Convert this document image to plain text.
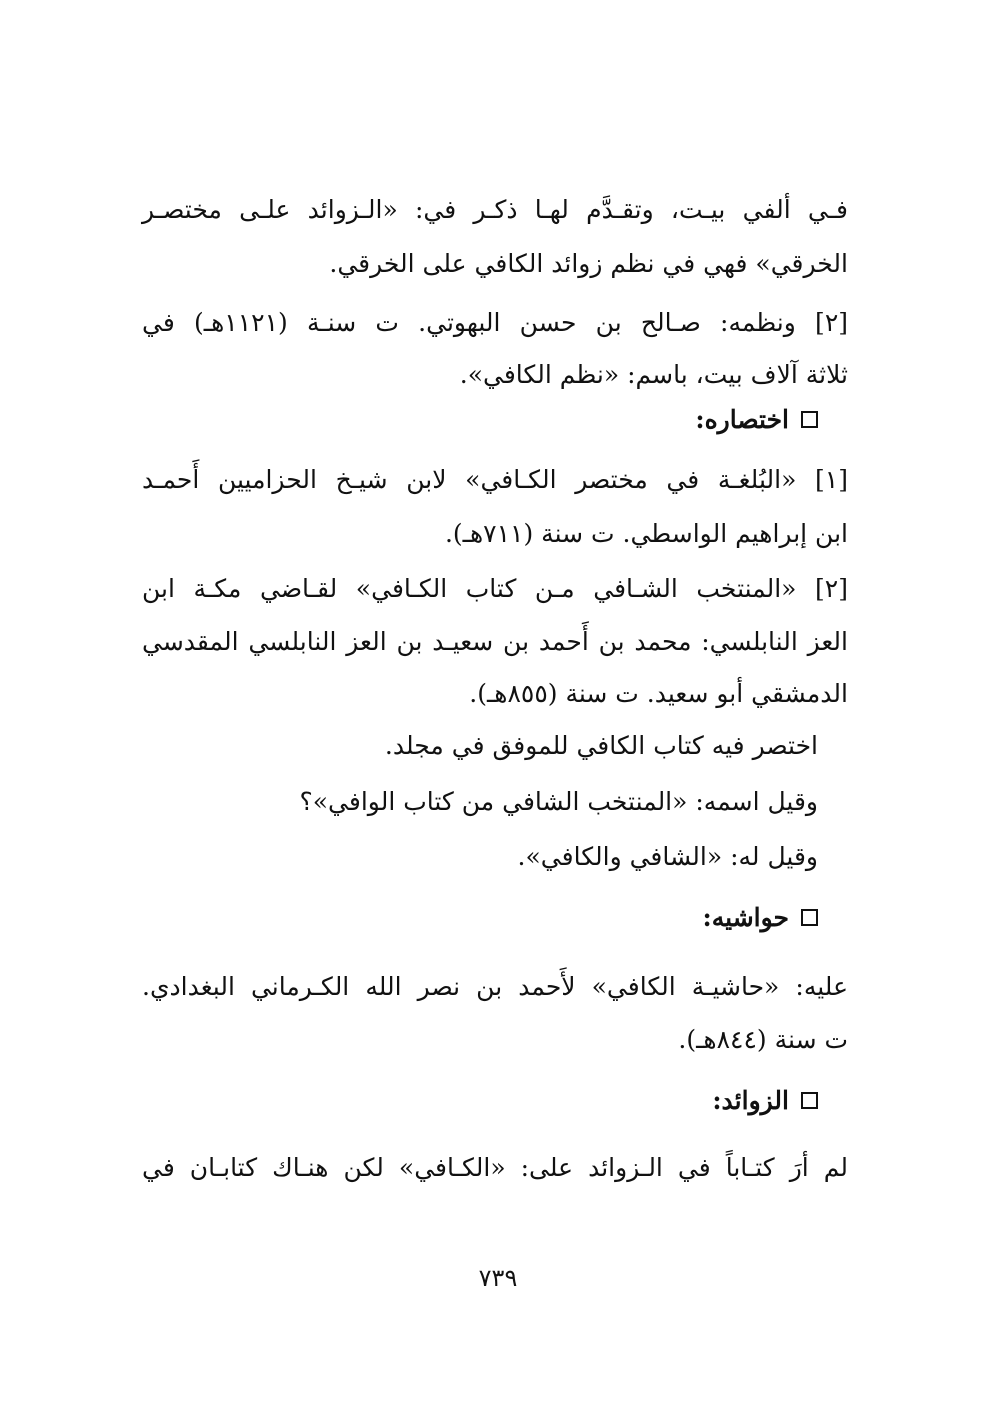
فـي ألفي بيـت، وتقـدَّم لهـا ذكـر في: «الـزوائد علـى مختصـر
الخرقي» فهي في نظم زوائد الكافي على الخرقي.
[٢] ونظمه: صـالح بن حسن البهوتي. ت سنـة (١١٢١هـ) في
ثلاثة آلاف بيت، باسم: «نظم الكافي».
اختصاره:
[١] «البُلغـة في مختصر الكـافي» لابن شيـخ الحزاميين أَحمـد
ابن إبراهيم الواسطي. ت سنة (٧١١هـ).
[٢] «المنتخب الشـافي مـن كتاب الكـافي» لقـاضي مكـة ابن
العز النابلسي: محمد بن أَحمد بن سعيـد بن العز النابلسي المقدسي
الدمشقي أبو سعيد. ت سنة (٨٥٥هـ).
اختصر فيه كتاب الكافي للموفق في مجلد.
وقيل اسمه: «المنتخب الشافي من كتاب الوافي»؟
وقيل له: «الشافي والكافي».
حواشيه:
عليه: «حاشيـة الكافي» لأَحمد بن نصر الله الكـرماني البغدادي.
ت سنة (٨٤٤هـ).
الزوائد:
لم أرَ كتـاباً في الـزوائد على: «الكـافي» لكن هنـاك كتابـان في
٧٣٩
